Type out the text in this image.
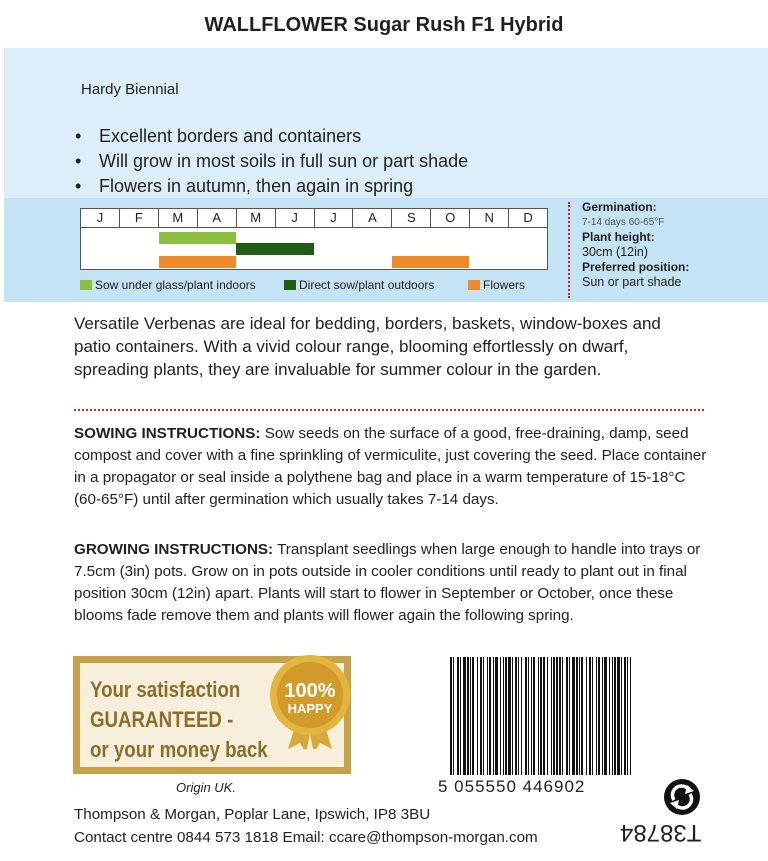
WALLFLOWER Sugar Rush F1 Hybrid
Hardy Biennial
• Excellent borders and containers
• Will grow in most soils in full sun or part shade
• Flowers in autumn, then again in spring
J	F	M	A	M	J	J	A	S	O	N	D
Sow under glass/plant indoors	Direct sow/plant outdoors	Flowers
Germination:
7-14 days 60-65°F
Plant height:
30cm (12in)
Preferred position:
Sun or part shade
Versatile Verbenas are ideal for bedding, borders, baskets, window-boxes and patio containers. With a vivid colour range, blooming effortlessly on dwarf, spreading plants, they are invaluable for summer colour in the garden.
SOWING INSTRUCTIONS: Sow seeds on the surface of a good, free-draining, damp, seed compost and cover with a fine sprinkling of vermiculite, just covering the seed. Place container in a propagator or seal inside a polythene bag and place in a warm temperature of 15-18°C (60-65°F) until after germination which usually takes 7-14 days.
GROWING INSTRUCTIONS: Transplant seedlings when large enough to handle into trays or 7.5cm (3in) pots. Grow on in pots outside in cooler conditions until ready to plant out in final position 30cm (12in) apart. Plants will start to flower in September or October, once these blooms fade remove them and plants will flower again the following spring.
Your satisfaction
GUARANTEED -
or your money back
100%
HAPPY
Origin UK.
Thompson & Morgan, Poplar Lane, Ipswich, IP8 3BU
Contact centre 0844 573 1818 Email: ccare@thompson-morgan.com
5 055550 446902
T38784
